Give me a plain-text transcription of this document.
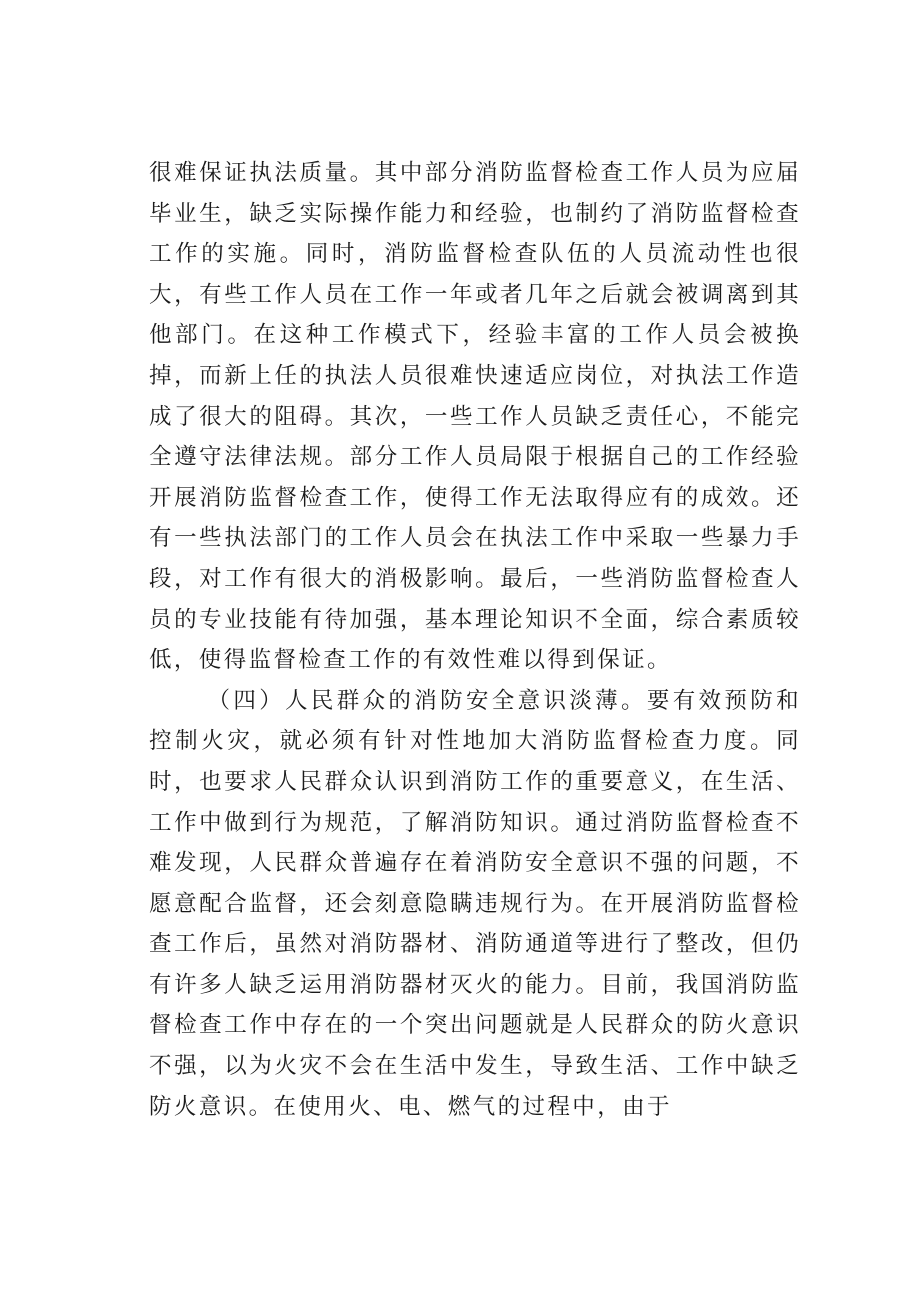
很难保证执法质量。其中部分消防监督检查工作人员为应届毕业生，缺乏实际操作能力和经验，也制约了消防监督检查工作的实施。同时，消防监督检查队伍的人员流动性也很大，有些工作人员在工作一年或者几年之后就会被调离到其他部门。在这种工作模式下，经验丰富的工作人员会被换掉，而新上任的执法人员很难快速适应岗位，对执法工作造成了很大的阻碍。其次，一些工作人员缺乏责任心，不能完全遵守法律法规。部分工作人员局限于根据自己的工作经验开展消防监督检查工作，使得工作无法取得应有的成效。还有一些执法部门的工作人员会在执法工作中采取一些暴力手段，对工作有很大的消极影响。最后，一些消防监督检查人员的专业技能有待加强，基本理论知识不全面，综合素质较低，使得监督检查工作的有效性难以得到保证。

（四）人民群众的消防安全意识淡薄。要有效预防和控制火灾，就必须有针对性地加大消防监督检查力度。同时，也要求人民群众认识到消防工作的重要意义，在生活、工作中做到行为规范，了解消防知识。通过消防监督检查不难发现，人民群众普遍存在着消防安全意识不强的问题，不愿意配合监督，还会刻意隐瞒违规行为。在开展消防监督检查工作后，虽然对消防器材、消防通道等进行了整改，但仍有许多人缺乏运用消防器材灭火的能力。目前，我国消防监督检查工作中存在的一个突出问题就是人民群众的防火意识不强，以为火灾不会在生活中发生，导致生活、工作中缺乏防火意识。在使用火、电、燃气的过程中，由于
